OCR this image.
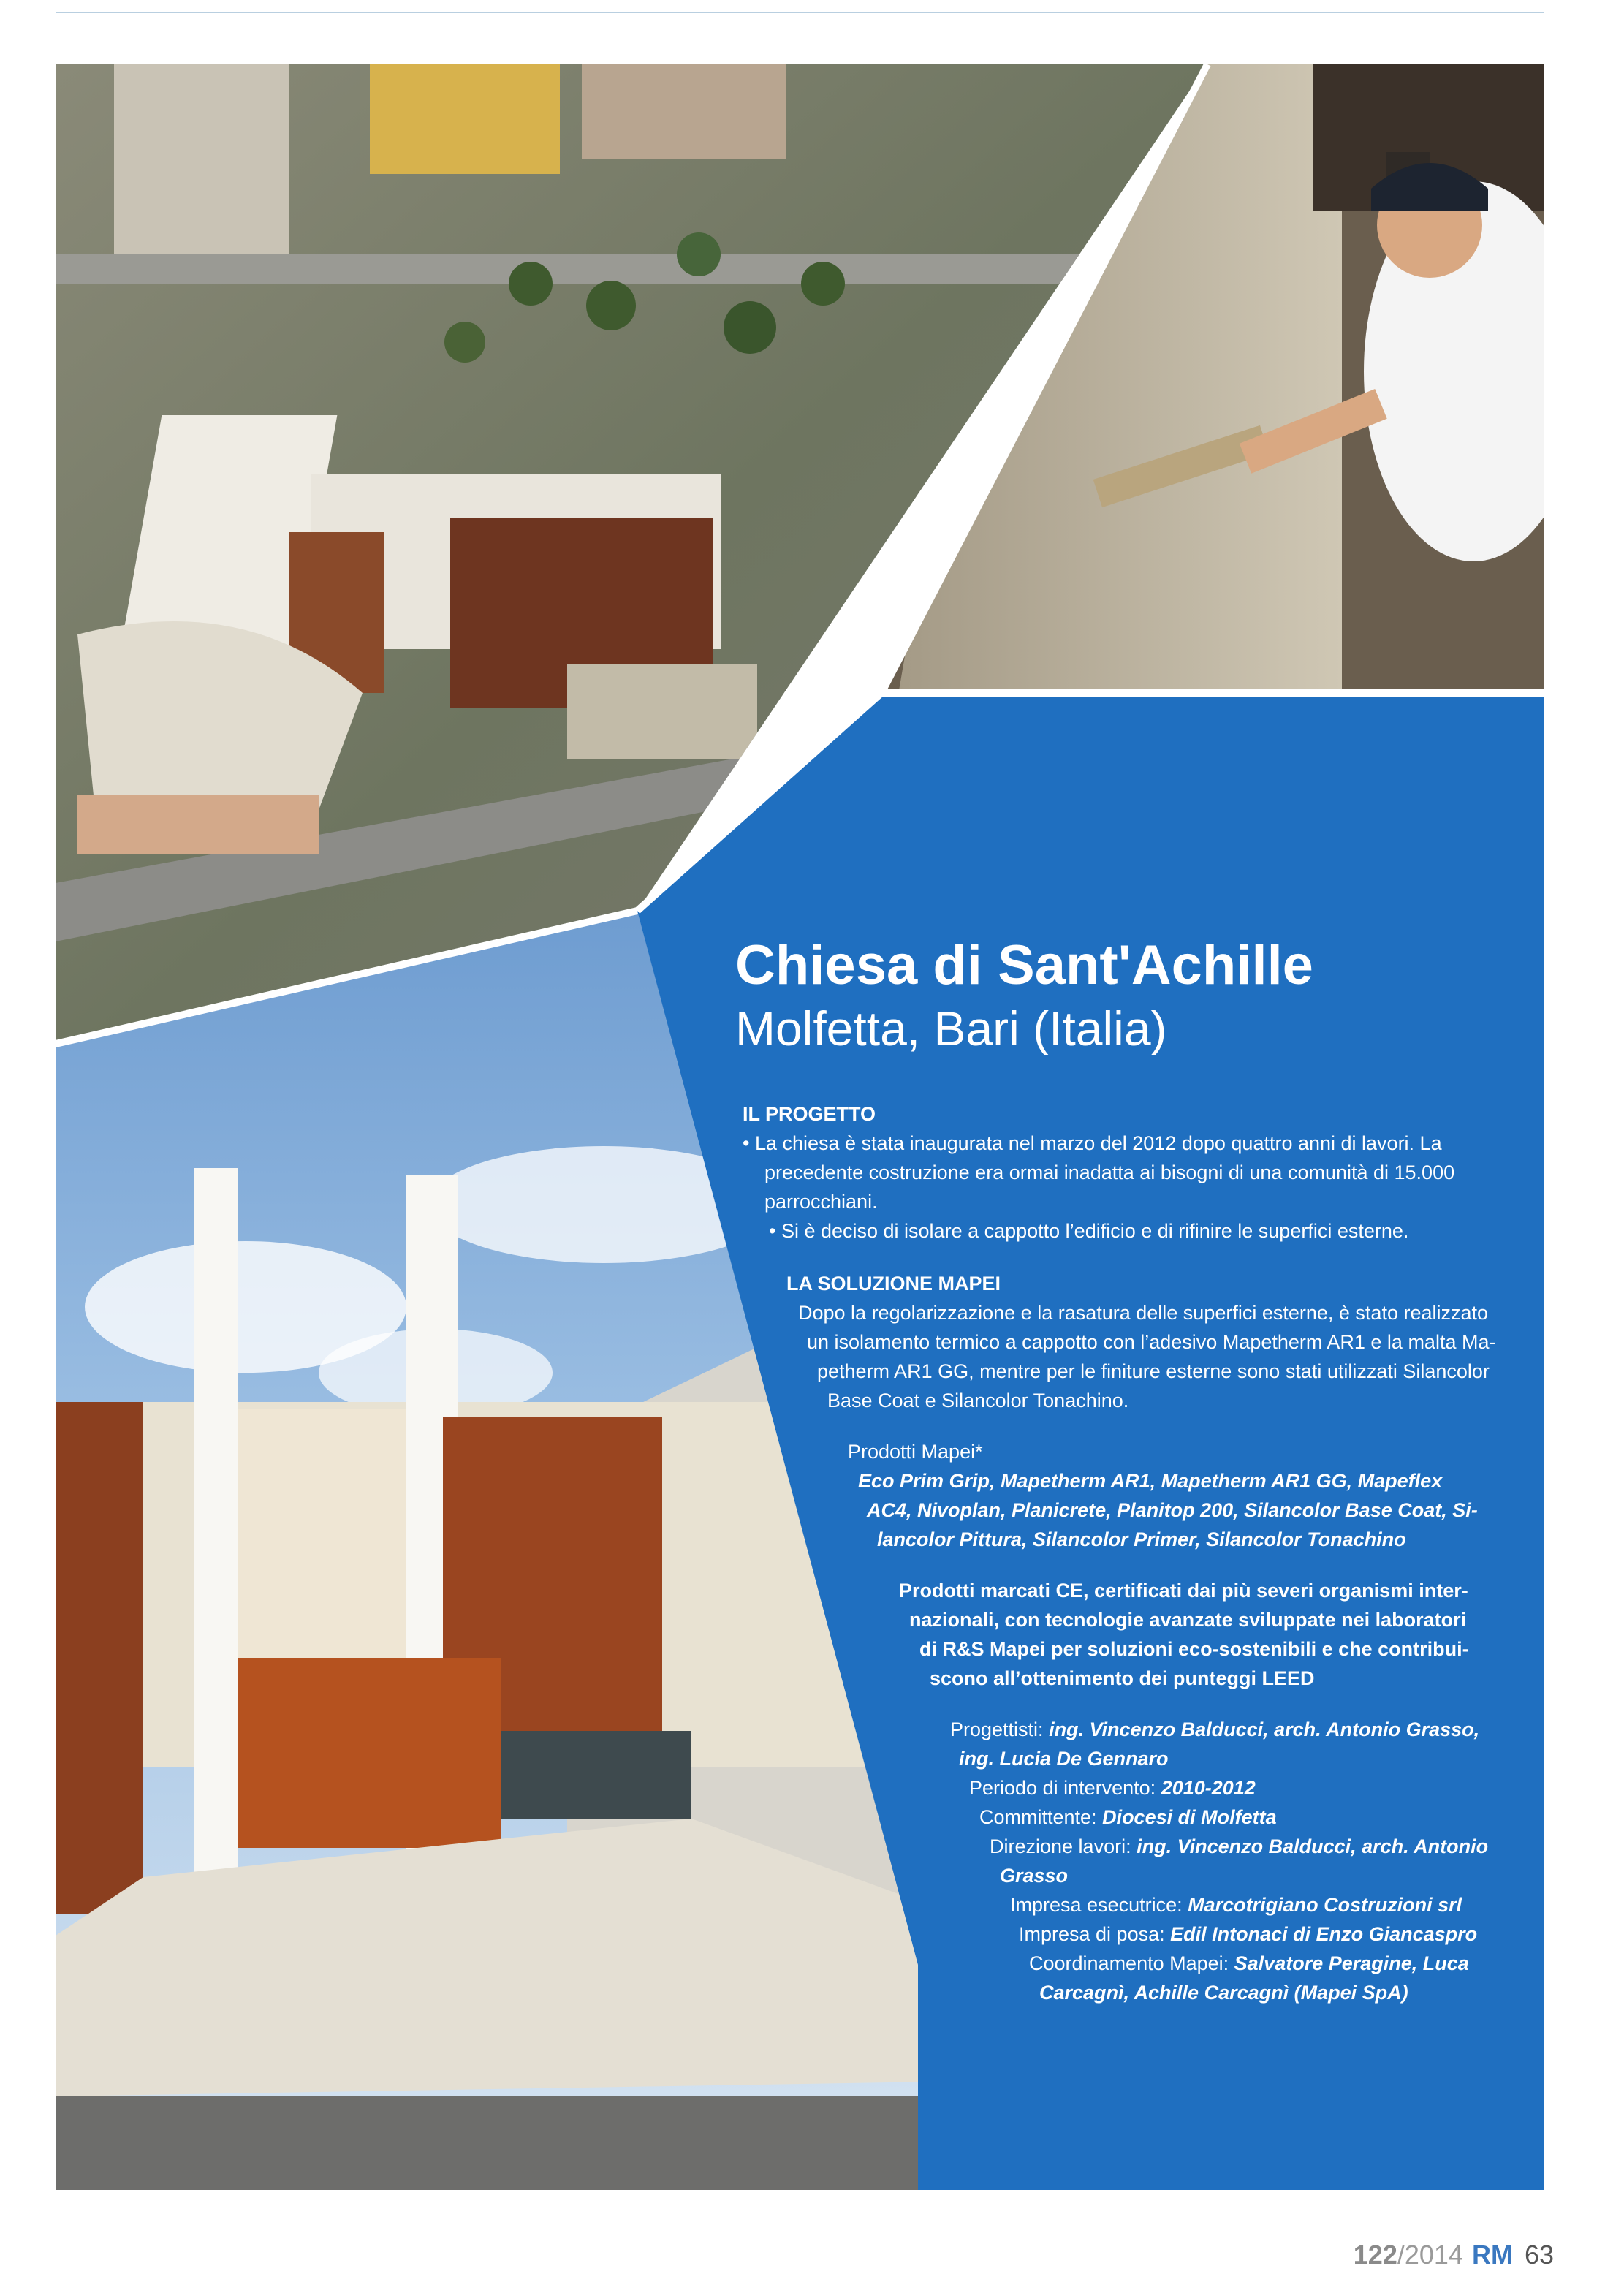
Chiesa di Sant'Achille
Molfetta, Bari (Italia)
IL PROGETTO
• La chiesa è stata inaugurata nel marzo del 2012 dopo quattro anni di lavori. La
precedente costruzione era ormai inadatta ai bisogni di una comunità di 15.000
parrocchiani.
• Si è deciso di isolare a cappotto l’edificio e di rifinire le superfici esterne.
LA SOLUZIONE MAPEI
Dopo la regolarizzazione e la rasatura delle superfici esterne, è stato realizzato
un isolamento termico a cappotto con l’adesivo Mapetherm AR1 e la malta Ma-
petherm AR1 GG, mentre per le finiture esterne sono stati utilizzati Silancolor
Base Coat e Silancolor Tonachino.
Prodotti Mapei*
Eco Prim Grip, Mapetherm AR1, Mapetherm AR1 GG, Mapeflex
AC4, Nivoplan, Planicrete, Planitop 200, Silancolor Base Coat, Si-
lancolor Pittura, Silancolor Primer, Silancolor Tonachino
Prodotti marcati CE, certificati dai più severi organismi inter-
nazionali, con tecnologie avanzate sviluppate nei laboratori
di R&S Mapei per soluzioni eco-sostenibili e che contribui-
scono all’ottenimento dei punteggi LEED
Progettisti: ing. Vincenzo Balducci, arch. Antonio Grasso,
ing. Lucia De Gennaro
Periodo di intervento: 2010-2012
Committente: Diocesi di Molfetta
Direzione lavori: ing. Vincenzo Balducci, arch. Antonio
Grasso
Impresa esecutrice: Marcotrigiano Costruzioni srl
Impresa di posa: Edil Intonaci di Enzo Giancaspro
Coordinamento Mapei: Salvatore Peragine, Luca
Carcagnì, Achille Carcagnì (Mapei SpA)
122/2014 RM 63
